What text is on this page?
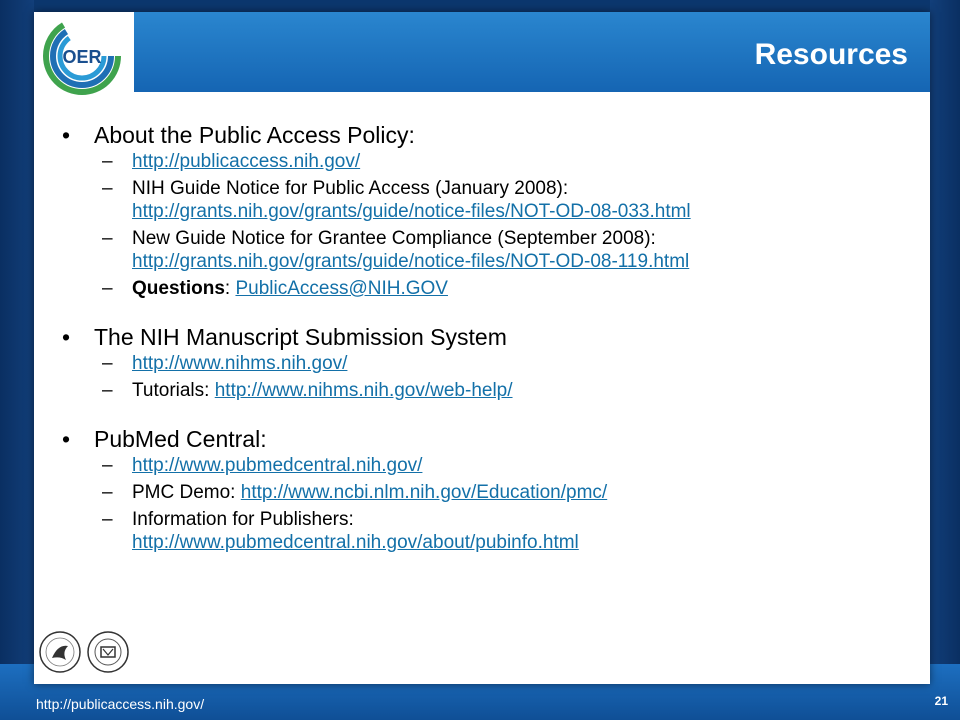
Resources
OER
•	About the Public Access Policy:
–	http://publicaccess.nih.gov/
–	NIH Guide Notice for Public Access (January 2008):
http://grants.nih.gov/grants/guide/notice-files/NOT-OD-08-033.html
–	New Guide Notice for Grantee Compliance (September 2008):
http://grants.nih.gov/grants/guide/notice-files/NOT-OD-08-119.html
–	Questions: PublicAccess@NIH.GOV
•	The NIH Manuscript Submission System
–	http://www.nihms.nih.gov/
–	Tutorials: http://www.nihms.nih.gov/web-help/
•	PubMed Central:
–	http://www.pubmedcentral.nih.gov/
–	PMC Demo: http://www.ncbi.nlm.nih.gov/Education/pmc/
–	Information for Publishers:
http://www.pubmedcentral.nih.gov/about/pubinfo.html
http://publicaccess.nih.gov/	21
